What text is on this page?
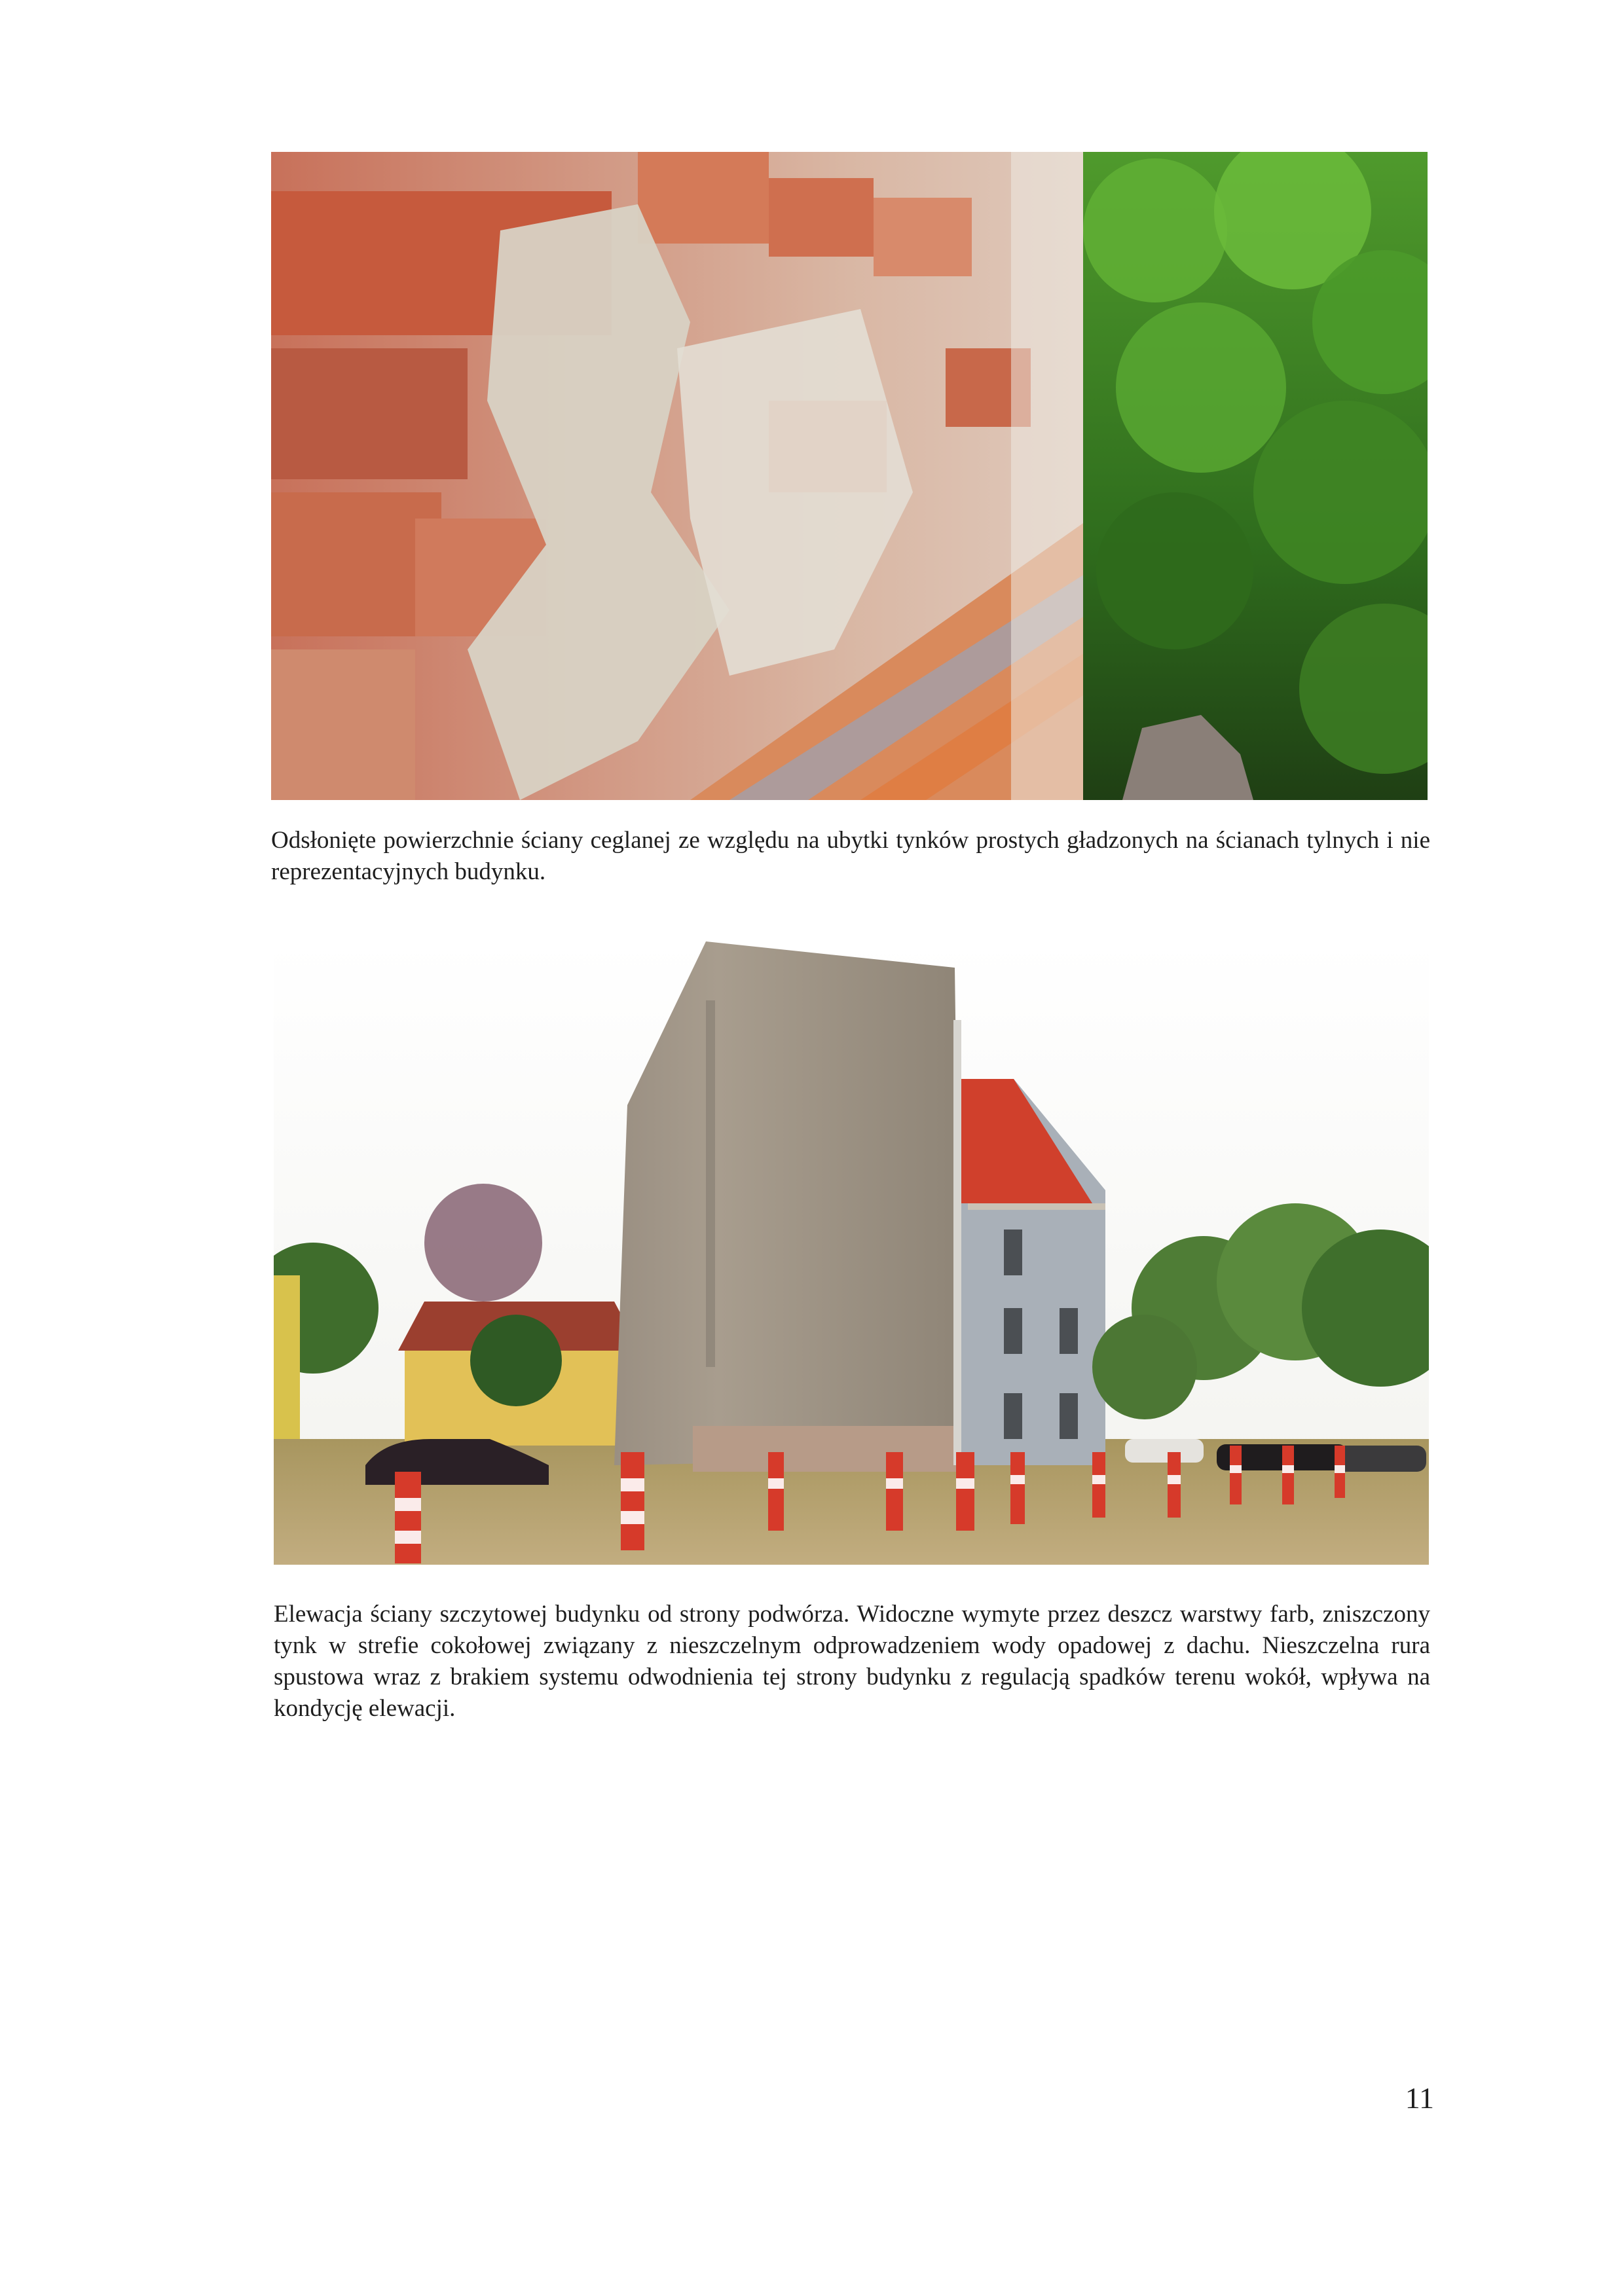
Odsłonięte powierzchnie ściany ceglanej ze względu na ubytki tynków prostych gładzonych na ścianach tylnych i nie reprezentacyjnych budynku.

Elewacja ściany szczytowej budynku od strony podwórza. Widoczne wymyte przez deszcz warstwy farb, zniszczony tynk w strefie cokołowej związany z nieszczelnym odprowadzeniem wody opadowej z dachu. Nieszczelna rura spustowa wraz z brakiem systemu odwodnienia tej strony budynku z regulacją spadków terenu wokół, wpływa na kondycję elewacji.

11
